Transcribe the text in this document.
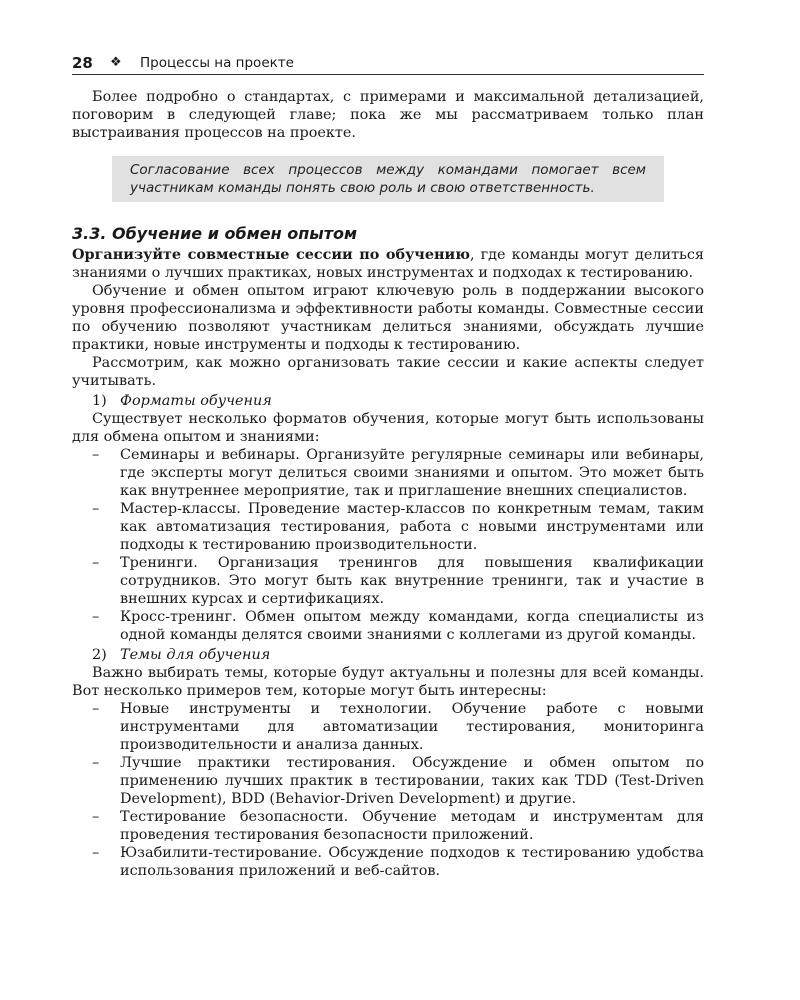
28 ❖ Процессы на проекте

Более подробно о стандартах, с примерами и максимальной детализацией, поговорим в следующей главе; пока же мы рассматриваем только план выстраивания процессов на проекте.

Согласование всех процессов между командами помогает всем участникам команды понять свою роль и свою ответственность.
3.3. Обучение и обмен опытом

Организуйте совместные сессии по обучению, где команды могут делиться знаниями о лучших практиках, новых инструментах и подходах к тестированию.

Обучение и обмен опытом играют ключевую роль в поддержании высокого уровня профессионализма и эффективности работы команды. Совместные сессии по обучению позволяют участникам делиться знаниями, обсуждать лучшие практики, новые инструменты и подходы к тестированию.

Рассмотрим, как можно организовать такие сессии и какие аспекты следует учитывать.

1) Форматы обучения

Существует несколько форматов обучения, которые могут быть использованы для обмена опытом и знаниями:

– Семинары и вебинары. Организуйте регулярные семинары или вебинары, где эксперты могут делиться своими знаниями и опытом. Это может быть как внутреннее мероприятие, так и приглашение внешних специалистов.
– Мастер-классы. Проведение мастер-классов по конкретным темам, таким как автоматизация тестирования, работа с новыми инструментами или подходы к тестированию производительности.
– Тренинги. Организация тренингов для повышения квалификации сотрудников. Это могут быть как внутренние тренинги, так и участие в внешних курсах и сертификациях.
– Кросс-тренинг. Обмен опытом между командами, когда специалисты из одной команды делятся своими знаниями с коллегами из другой команды.
2) Темы для обучения

Важно выбирать темы, которые будут актуальны и полезны для всей команды. Вот несколько примеров тем, которые могут быть интересны:

– Новые инструменты и технологии. Обучение работе с новыми инструментами для автоматизации тестирования, мониторинга производительности и анализа данных.
– Лучшие практики тестирования. Обсуждение и обмен опытом по применению лучших практик в тестировании, таких как TDD (Test-Driven Development), BDD (Behavior-Driven Development) и другие.
– Тестирование безопасности. Обучение методам и инструментам для проведения тестирования безопасности приложений.
– Юзабилити-тестирование. Обсуждение подходов к тестированию удобства использования приложений и веб-сайтов.
